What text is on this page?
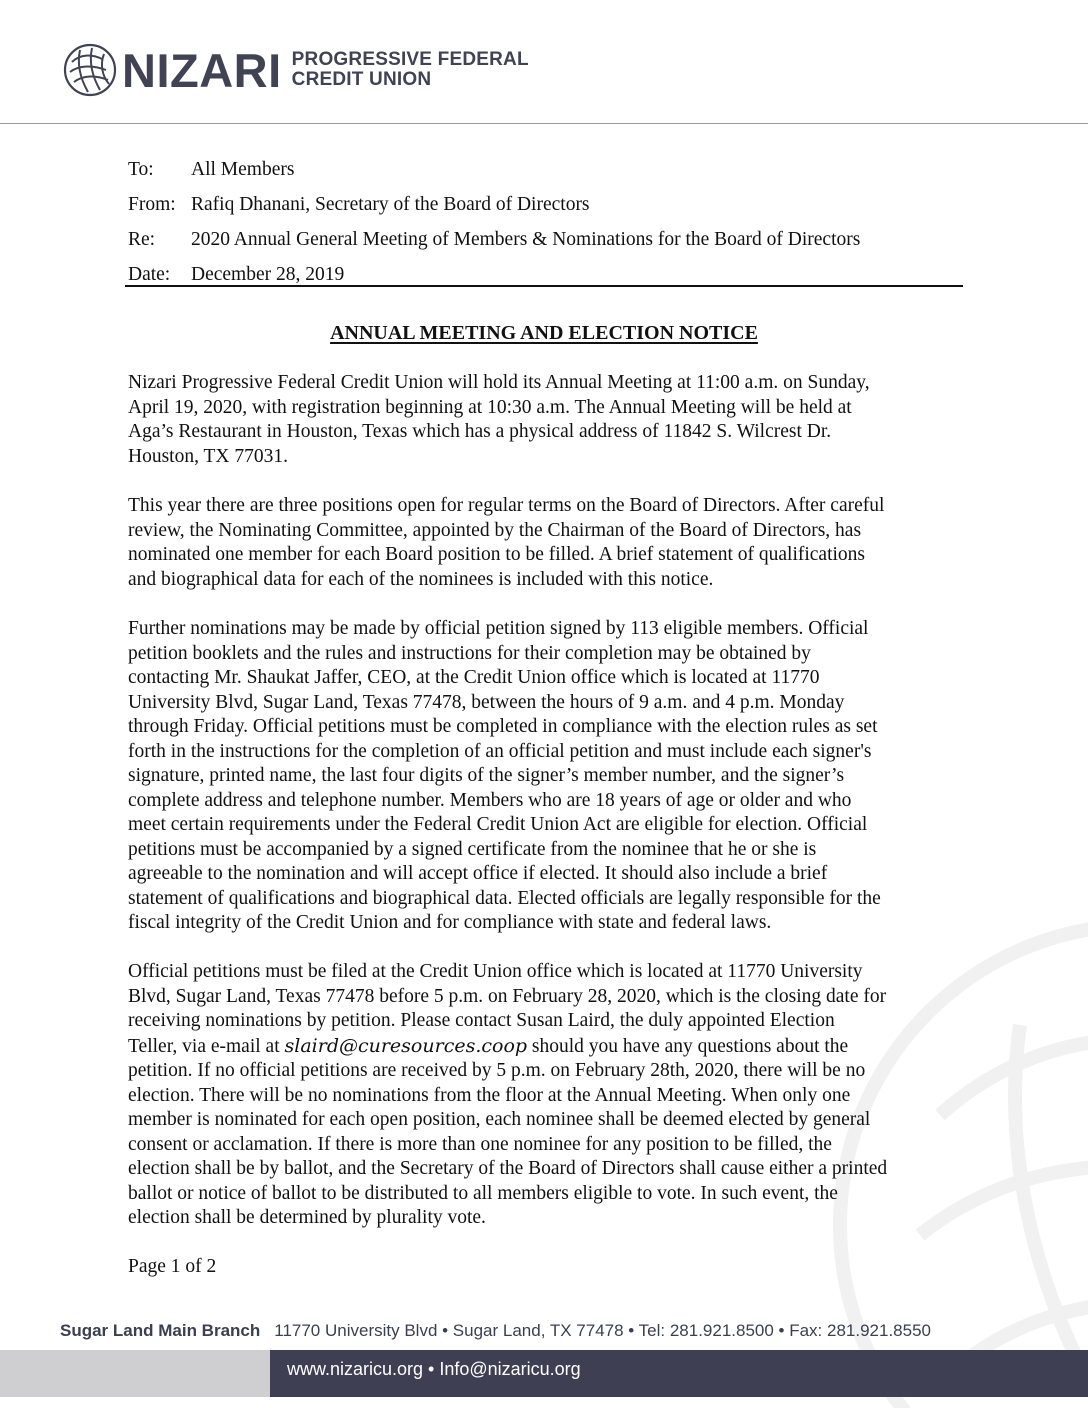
NIZARI PROGRESSIVE FEDERAL
CREDIT UNION
To:	All Members
From: Rafiq Dhanani, Secretary of the Board of Directors
Re:	2020 Annual General Meeting of Members & Nominations for the Board of Directors
Date:	December 28, 2019
ANNUAL MEETING AND ELECTION NOTICE
Nizari Progressive Federal Credit Union will hold its Annual Meeting at 11:00 a.m. on Sunday,
April 19, 2020, with registration beginning at 10:30 a.m. The Annual Meeting will be held at
Aga’s Restaurant in Houston, Texas which has a physical address of 11842 S. Wilcrest Dr.
Houston, TX 77031.
This year there are three positions open for regular terms on the Board of Directors. After careful
review, the Nominating Committee, appointed by the Chairman of the Board of Directors, has
nominated one member for each Board position to be filled. A brief statement of qualifications
and biographical data for each of the nominees is included with this notice.
Further nominations may be made by official petition signed by 113 eligible members. Official
petition booklets and the rules and instructions for their completion may be obtained by
contacting Mr. Shaukat Jaffer, CEO, at the Credit Union office which is located at 11770
University Blvd, Sugar Land, Texas 77478, between the hours of 9 a.m. and 4 p.m. Monday
through Friday. Official petitions must be completed in compliance with the election rules as set
forth in the instructions for the completion of an official petition and must include each signer's
signature, printed name, the last four digits of the signer’s member number, and the signer’s
complete address and telephone number. Members who are 18 years of age or older and who
meet certain requirements under the Federal Credit Union Act are eligible for election. Official
petitions must be accompanied by a signed certificate from the nominee that he or she is
agreeable to the nomination and will accept office if elected. It should also include a brief
statement of qualifications and biographical data. Elected officials are legally responsible for the
fiscal integrity of the Credit Union and for compliance with state and federal laws.
Official petitions must be filed at the Credit Union office which is located at 11770 University
Blvd, Sugar Land, Texas 77478 before 5 p.m. on February 28, 2020, which is the closing date for
receiving nominations by petition. Please contact Susan Laird, the duly appointed Election
Teller, via e-mail at slaird@curesources.coop should you have any questions about the
petition. If no official petitions are received by 5 p.m. on February 28th, 2020, there will be no
election. There will be no nominations from the floor at the Annual Meeting. When only one
member is nominated for each open position, each nominee shall be deemed elected by general
consent or acclamation. If there is more than one nominee for any position to be filled, the
election shall be by ballot, and the Secretary of the Board of Directors shall cause either a printed
ballot or notice of ballot to be distributed to all members eligible to vote. In such event, the
election shall be determined by plurality vote.
Page 1 of 2
Sugar Land Main Branch 11770 University Blvd • Sugar Land, TX 77478 • Tel: 281.921.8500 • Fax: 281.921.8550
www.nizaricu.org • Info@nizaricu.org
